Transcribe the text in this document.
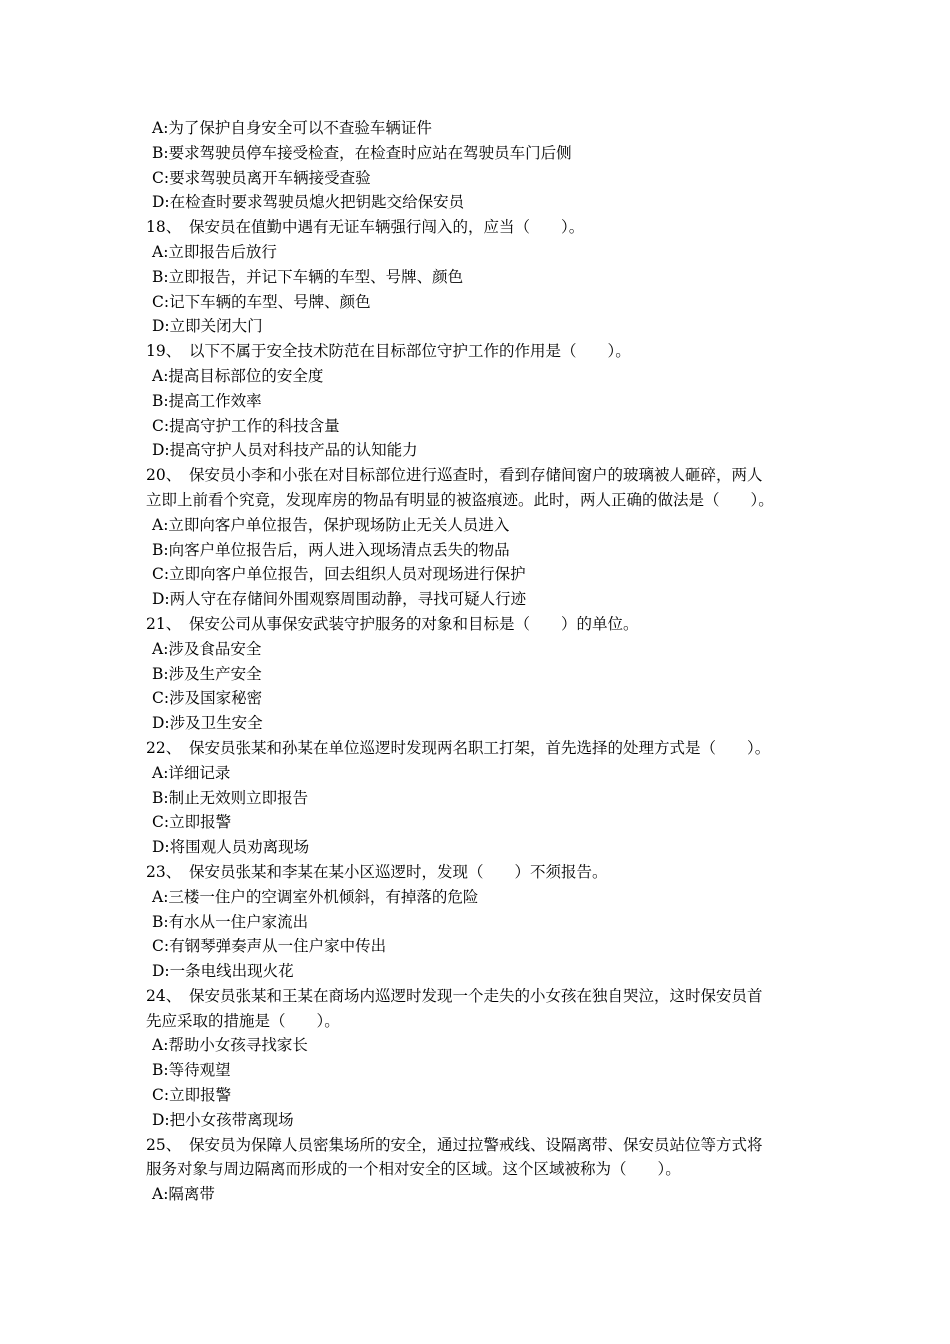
A:为了保护自身安全可以不查验车辆证件
B:要求驾驶员停车接受检查，在检查时应站在驾驶员车门后侧
C:要求驾驶员离开车辆接受查验
D:在检查时要求驾驶员熄火把钥匙交给保安员
18、　保安员在值勤中遇有无证车辆强行闯入的，应当（　　）。
A:立即报告后放行
B:立即报告，并记下车辆的车型、号牌、颜色
C:记下车辆的车型、号牌、颜色
D:立即关闭大门
19、　以下不属于安全技术防范在目标部位守护工作的作用是（　　）。
A:提高目标部位的安全度
B:提高工作效率
C:提高守护工作的科技含量
D:提高守护人员对科技产品的认知能力
20、　保安员小李和小张在对目标部位进行巡查时，看到存储间窗户的玻璃被人砸碎，两人
立即上前看个究竟，发现库房的物品有明显的被盗痕迹。此时，两人正确的做法是（　　）。
A:立即向客户单位报告，保护现场防止无关人员进入
B:向客户单位报告后，两人进入现场清点丢失的物品
C:立即向客户单位报告，回去组织人员对现场进行保护
D:两人守在存储间外围观察周围动静，寻找可疑人行迹
21、　保安公司从事保安武装守护服务的对象和目标是（　　）的单位。
A:涉及食品安全
B:涉及生产安全
C:涉及国家秘密
D:涉及卫生安全
22、　保安员张某和孙某在单位巡逻时发现两名职工打架，首先选择的处理方式是（　　）。
A:详细记录
B:制止无效则立即报告
C:立即报警
D:将围观人员劝离现场
23、　保安员张某和李某在某小区巡逻时，发现（　　）不须报告。
A:三楼一住户的空调室外机倾斜，有掉落的危险
B:有水从一住户家流出
C:有钢琴弹奏声从一住户家中传出
D:一条电线出现火花
24、　保安员张某和王某在商场内巡逻时发现一个走失的小女孩在独自哭泣，这时保安员首
先应采取的措施是（　　）。
A:帮助小女孩寻找家长
B:等待观望
C:立即报警
D:把小女孩带离现场
25、　保安员为保障人员密集场所的安全，通过拉警戒线、设隔离带、保安员站位等方式将
服务对象与周边隔离而形成的一个相对安全的区域。这个区域被称为（　　）。
A:隔离带
